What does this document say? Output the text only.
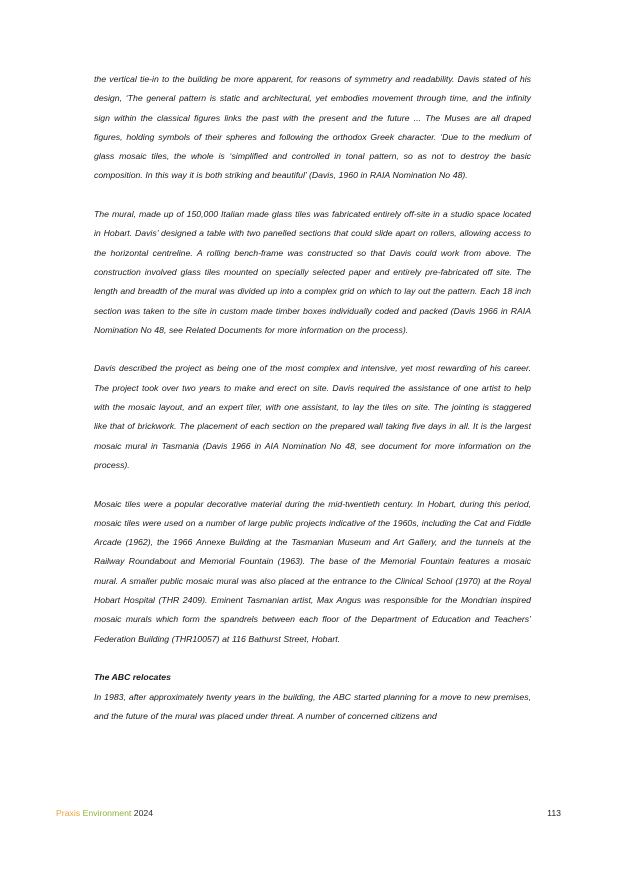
the vertical tie-in to the building be more apparent, for reasons of symmetry and readability. Davis stated of his design, ‘The general pattern is static and architectural, yet embodies movement through time, and the infinity sign within the classical figures links the past with the present and the future ... The Muses are all draped figures, holding symbols of their spheres and following the orthodox Greek character. ‘Due to the medium of glass mosaic tiles, the whole is ‘simplified and controlled in tonal pattern, so as not to destroy the basic composition. In this way it is both striking and beautiful’ (Davis, 1960 in RAIA Nomination No 48).

The mural, made up of 150,000 Italian made glass tiles was fabricated entirely off-site in a studio space located in Hobart. Davis’ designed a table with two panelled sections that could slide apart on rollers, allowing access to the horizontal centreline. A rolling bench-frame was constructed so that Davis could work from above. The construction involved glass tiles mounted on specially selected paper and entirely pre-fabricated off site. The length and breadth of the mural was divided up into a complex grid on which to lay out the pattern. Each 18 inch section was taken to the site in custom made timber boxes individually coded and packed (Davis 1966 in RAIA Nomination No 48, see Related Documents for more information on the process).

Davis described the project as being one of the most complex and intensive, yet most rewarding of his career. The project took over two years to make and erect on site. Davis required the assistance of one artist to help with the mosaic layout, and an expert tiler, with one assistant, to lay the tiles on site. The jointing is staggered like that of brickwork. The placement of each section on the prepared wall taking five days in all. It is the largest mosaic mural in Tasmania (Davis 1966 in AIA Nomination No 48, see document for more information on the process).

Mosaic tiles were a popular decorative material during the mid-twentieth century. In Hobart, during this period, mosaic tiles were used on a number of large public projects indicative of the 1960s, including the Cat and Fiddle Arcade (1962), the 1966 Annexe Building at the Tasmanian Museum and Art Gallery, and the tunnels at the Railway Roundabout and Memorial Fountain (1963). The base of the Memorial Fountain features a mosaic mural. A smaller public mosaic mural was also placed at the entrance to the Clinical School (1970) at the Royal Hobart Hospital (THR 2409). Eminent Tasmanian artist, Max Angus was responsible for the Mondrian inspired mosaic murals which form the spandrels between each floor of the Department of Education and Teachers’ Federation Building (THR10057) at 116 Bathurst Street, Hobart.

The ABC relocates

In 1983, after approximately twenty years in the building, the ABC started planning for a move to new premises, and the future of the mural was placed under threat. A number of concerned citizens and

Praxis Environment 2024	113
